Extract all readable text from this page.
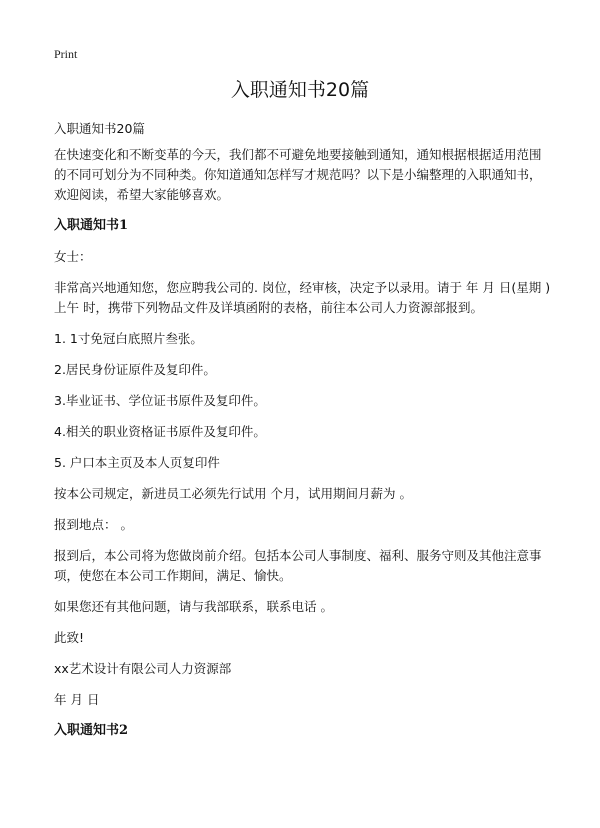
Print
入职通知书20篇

入职通知书20篇

在快速变化和不断变革的今天，我们都不可避免地要接触到通知，通知根据根据适用范围的不同可划分为不同种类。你知道通知怎样写才规范吗？以下是小编整理的入职通知书，欢迎阅读，希望大家能够喜欢。

入职通知书1

女士：

非常高兴地通知您，您应聘我公司的. 岗位，经审核，决定予以录用。请于 年 月 日(星期 )上午 时，携带下列物品文件及详填函附的表格，前往本公司人力资源部报到。

1. 1寸免冠白底照片叁张。

2.居民身份证原件及复印件。

3.毕业证书、学位证书原件及复印件。

4.相关的职业资格证书原件及复印件。

5. 户口本主页及本人页复印件

按本公司规定，新进员工必须先行试用 个月，试用期间月薪为 。

报到地点： 。

报到后，本公司将为您做岗前介绍。包括本公司人事制度、福利、服务守则及其他注意事项，使您在本公司工作期间，满足、愉快。

如果您还有其他问题，请与我部联系，联系电话 。

此致!

xx艺术设计有限公司人力资源部

年 月 日

入职通知书2
